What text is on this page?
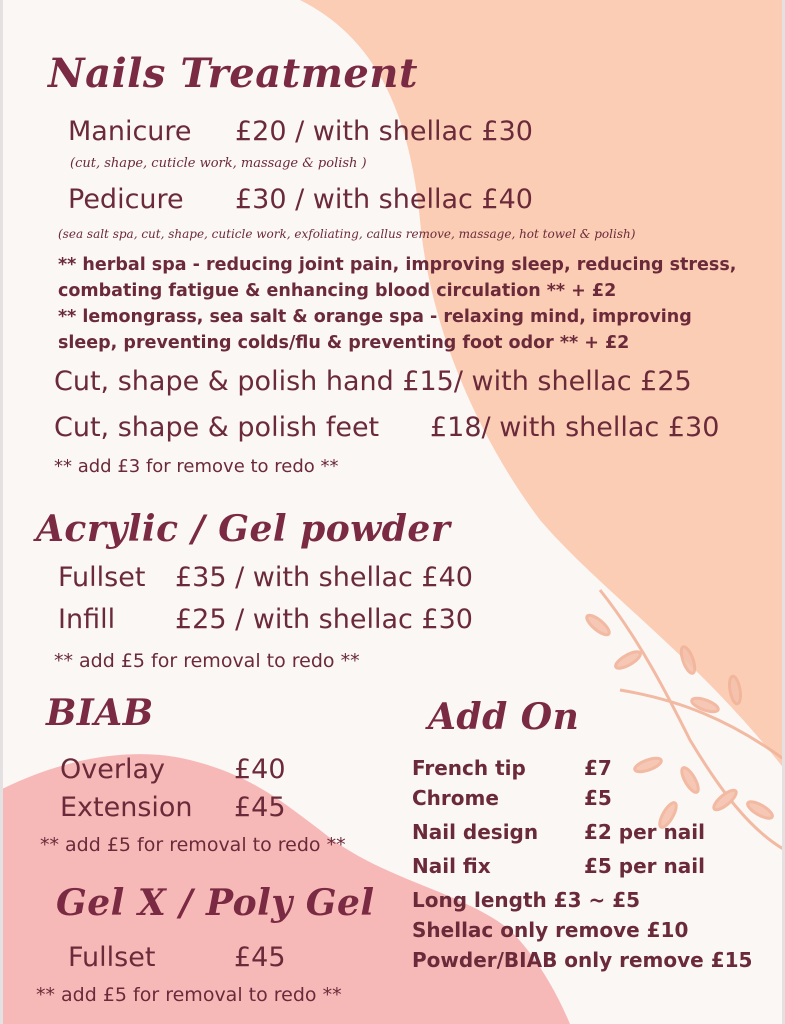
Nails Treatment
Manicure £20 / with shellac £30
(cut, shape, cuticle work, massage & polish )
Pedicure £30 / with shellac £40
(sea salt spa, cut, shape, cuticle work, exfoliating, callus remove, massage, hot towel & polish)
** herbal spa - reducing joint pain, improving sleep, reducing stress,
combating fatigue & enhancing blood circulation ** + £2
** lemongrass, sea salt & orange spa - relaxing mind, improving
sleep, preventing colds/flu & preventing foot odor ** + £2
Cut, shape & polish hand £15/ with shellac £25
Cut, shape & polish feet £18/ with shellac £30
** add £3 for remove to redo **
Acrylic / Gel powder
Fullset £35 / with shellac £40
Infill £25 / with shellac £30
** add £5 for removal to redo **
BIAB
Overlay	£40
Extension £45
** add £5 for removal to redo **
Gel X / Poly Gel
Fullset	£45
** add £5 for removal to redo **
Add On
French tip	£7
Chrome	£5
Nail design £2 per nail
Nail fix	£5 per nail
Long length £3 ~ £5
Shellac only remove £10
Powder/BIAB only remove £15
